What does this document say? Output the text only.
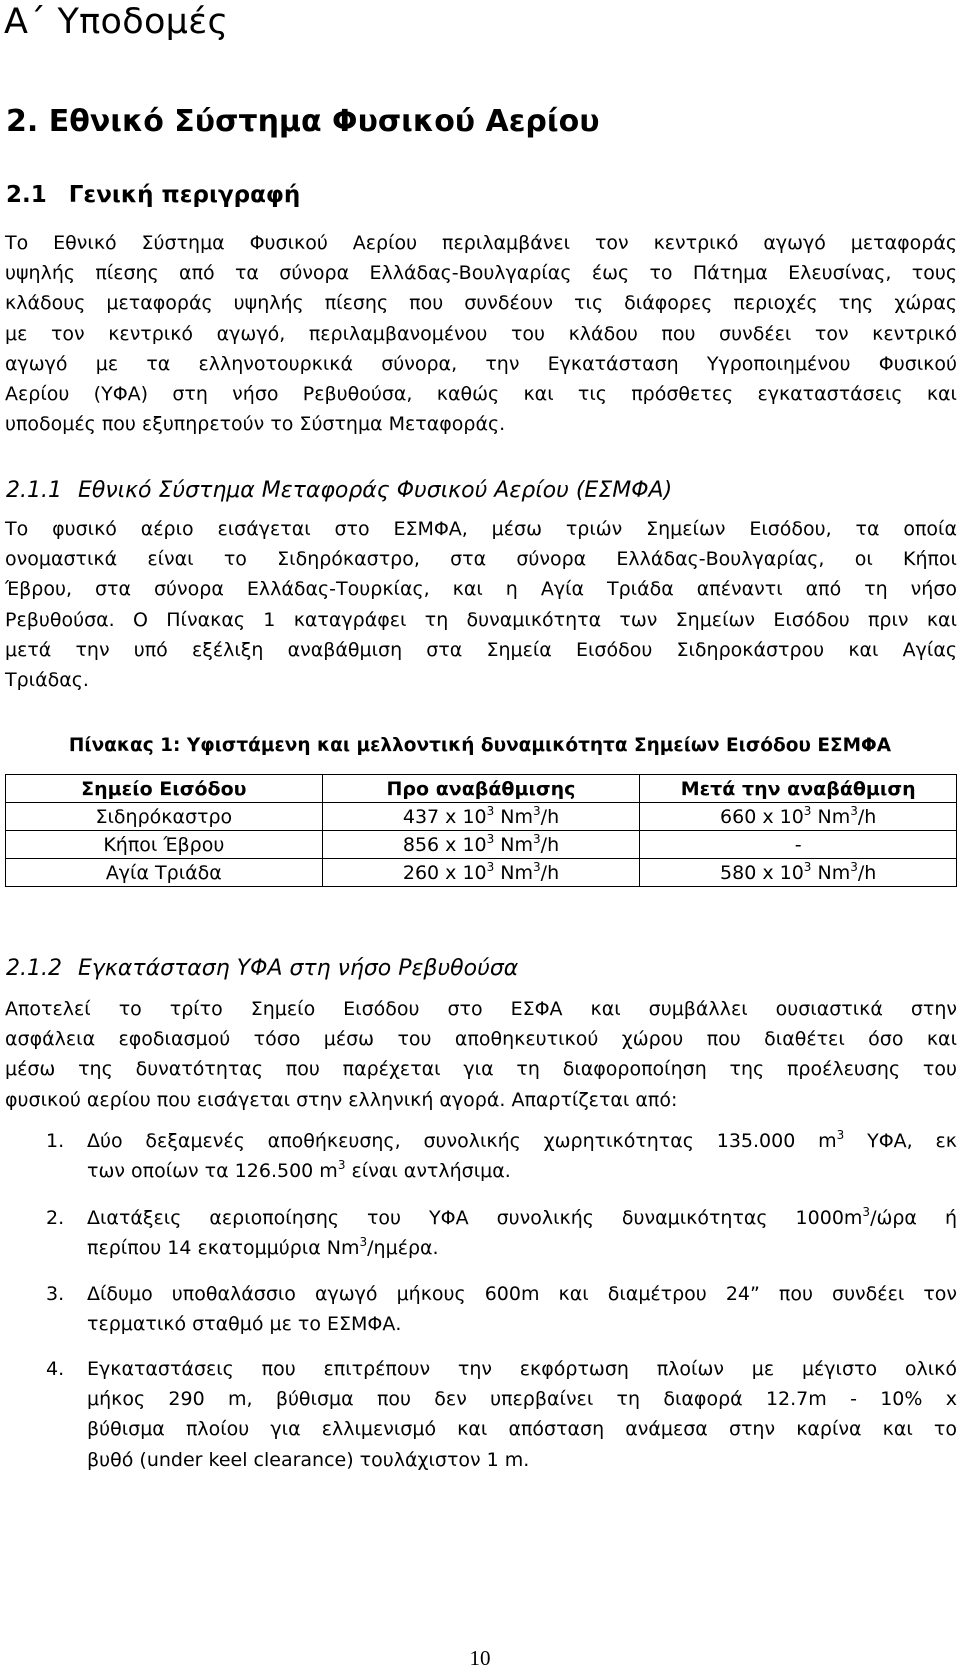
Α΄ Υποδομές
2. Εθνικό Σύστημα Φυσικού Αερίου
2.1 Γενική περιγραφή

Το Εθνικό Σύστημα Φυσικού Αερίου περιλαμβάνει τον κεντρικό αγωγό μεταφοράς
υψηλής πίεσης από τα σύνορα Ελλάδας-Βουλγαρίας έως το Πάτημα Ελευσίνας, τους
κλάδους μεταφοράς υψηλής πίεσης που συνδέουν τις διάφορες περιοχές της χώρας
με τον κεντρικό αγωγό, περιλαμβανομένου του κλάδου που συνδέει τον κεντρικό
αγωγό με τα ελληνοτουρκικά σύνορα, την Εγκατάσταση Υγροποιημένου Φυσικού
Αερίου (ΥΦΑ) στη νήσο Ρεβυθούσα, καθώς και τις πρόσθετες εγκαταστάσεις και
υποδομές που εξυπηρετούν το Σύστημα Μεταφοράς.

2.1.1 Εθνικό Σύστημα Μεταφοράς Φυσικού Αερίου (ΕΣΜΦΑ)

Το φυσικό αέριο εισάγεται στο ΕΣΜΦΑ, μέσω τριών Σημείων Εισόδου, τα οποία
ονομαστικά είναι το Σιδηρόκαστρο, στα σύνορα Ελλάδας-Βουλγαρίας, οι Κήποι
Έβρου, στα σύνορα Ελλάδας-Τουρκίας, και η Αγία Τριάδα απέναντι από τη νήσο
Ρεβυθούσα. Ο Πίνακας 1 καταγράφει τη δυναμικότητα των Σημείων Εισόδου πριν και
μετά την υπό εξέλιξη αναβάθμιση στα Σημεία Εισόδου Σιδηροκάστρου και Αγίας
Τριάδας.

Πίνακας 1: Υφιστάμενη και μελλοντική δυναμικότητα Σημείων Εισόδου ΕΣΜΦΑ

Σημείο Εισόδου	Προ αναβάθμισης	Μετά την αναβάθμιση
Σιδηρόκαστρο	437 x $10^3$ Nm$^3$/h	660 x $10^3$ Nm$^3$/h
Κήποι Έβρου	856 x $10^3$ Nm$^3$/h	-
Αγία Τριάδα	260 x $10^3$ Nm$^3$/h	580 x $10^3$ Nm$^3$/h
2.1.2 Εγκατάσταση ΥΦΑ στη νήσο Ρεβυθούσα

Αποτελεί το τρίτο Σημείο Εισόδου στο ΕΣΦΑ και συμβάλλει ουσιαστικά στην
ασφάλεια εφοδιασμού τόσο μέσω του αποθηκευτικού χώρου που διαθέτει όσο και
μέσω της δυνατότητας που παρέχεται για τη διαφοροποίηση της προέλευσης του
φυσικού αερίου που εισάγεται στην ελληνική αγορά. Απαρτίζεται από:

1. Δύο δεξαμενές αποθήκευσης, συνολικής χωρητικότητας 135.000 $m^3$ ΥΦΑ, εκ
των οποίων τα 126.500 $m^3$ είναι αντλήσιμα.
2. Διατάξεις αεριοποίησης του ΥΦΑ συνολικής δυναμικότητας $1000m^3$/ώρα ή
περίπου 14 εκατομμύρια Nm$^3$/ημέρα.
3. Δίδυμο υποθαλάσσιο αγωγό μήκους 600m και διαμέτρου 24” που συνδέει τον
τερματικό σταθμό με το ΕΣΜΦΑ.
4. Εγκαταστάσεις που επιτρέπουν την εκφόρτωση πλοίων με μέγιστο ολικό
μήκος 290 m, βύθισμα που δεν υπερβαίνει τη διαφορά 12.7m - 10% x
βύθισμα πλοίου για ελλιμενισμό και απόσταση ανάμεσα στην καρίνα και το
βυθό (under keel clearance) τουλάχιστον 1 m.
10
